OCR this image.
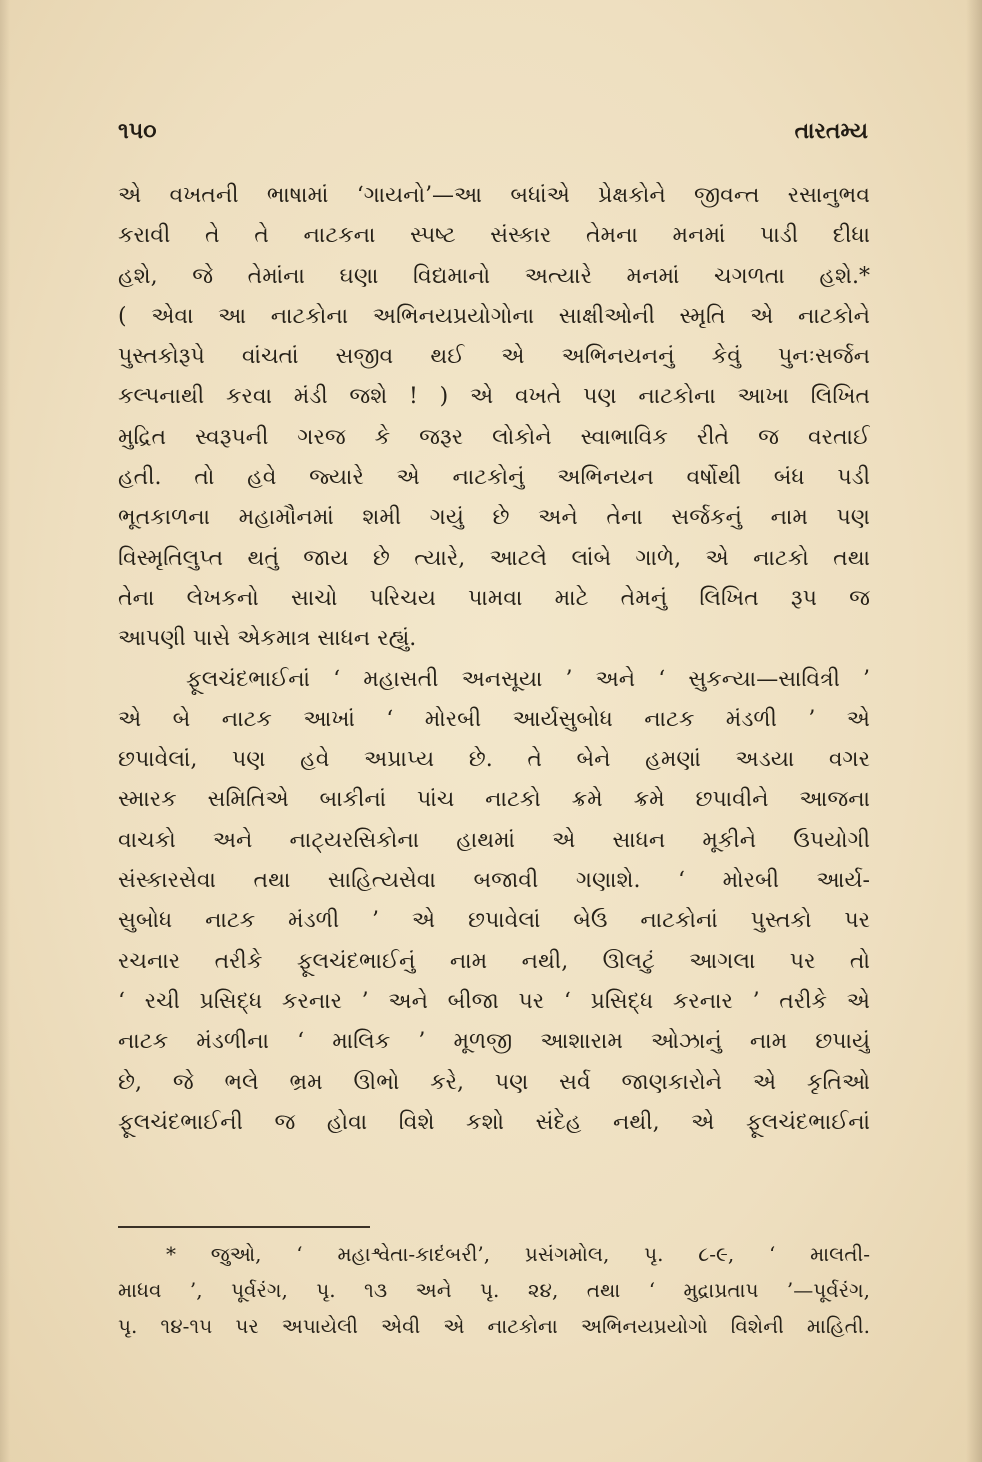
૧૫૦	તારતમ્ય
એ વખતની ભાષામાં ‘ગાયનો’—આ બધાંએ પ્રેક્ષકોને જીવન્ત રસાનુભવ
કરાવી તે તે નાટકના સ્પષ્ટ સંસ્કાર તેમના મનમાં પાડી દીધા
હશે, જે તેમાંના ઘણા વિદ્યમાનો અત્યારે મનમાં ચગળતા હશે.*
( એવા આ નાટકોના અભિનયપ્રયોગોના સાક્ષીઓની સ્મૃતિ એ નાટકોને
પુસ્તકોરૂપે વાંચતાં સજીવ થઈ એ અભિનયનનું કેવું પુનઃસર્જન
કલ્પનાથી કરવા મંડી જશે ! ) એ વખતે પણ નાટકોના આખા લિખિત
મુદ્રિત સ્વરૂપની ગરજ કે જરૂર લોકોને સ્વાભાવિક રીતે જ વરતાઈ
હતી. તો હવે જ્યારે એ નાટકોનું અભિનયન વર્ષોથી બંધ પડી
ભૂતકાળના મહામૌનમાં શમી ગયું છે અને તેના સર્જકનું નામ પણ
વિસ્મૃતિલુપ્ત થતું જાય છે ત્યારે, આટલે લાંબે ગાળે, એ નાટકો તથા
તેના લેખકનો સાચો પરિચય પામવા માટે તેમનું લિખિત રૂપ જ
આપણી પાસે એકમાત્ર સાધન રહ્યું.
ફૂલચંદભાઈનાં ‘ મહાસતી અનસૂયા ’ અને ‘ સુકન્યા—સાવિત્રી ’
એ બે નાટક આખાં ‘ મોરબી આર્યસુબોધ નાટક મંડળી ’ એ
છપાવેલાં, પણ હવે અપ્રાપ્ય છે. તે બેને હમણાં અડયા વગર
સ્મારક સમિતિએ બાકીનાં પાંચ નાટકો ક્રમે ક્રમે છપાવીને આજના
વાચકો અને નાટ્યરસિકોના હાથમાં એ સાધન મૂકીને ઉપયોગી
સંસ્કારસેવા તથા સાહિત્યસેવા બજાવી ગણાશે. ‘ મોરબી આર્ય-
સુબોધ નાટક મંડળી ’ એ છપાવેલાં બેઉ નાટકોનાં પુસ્તકો પર
રચનાર તરીકે ફૂલચંદભાઈનું નામ નથી, ઊલટું આગલા પર તો
‘ રચી પ્રસિદ્ધ કરનાર ’ અને બીજા પર ‘ પ્રસિદ્ધ કરનાર ’ તરીકે એ
નાટક મંડળીના ‘ માલિક ’ મૂળજી આશારામ ઓઝાનું નામ છપાયું
છે, જે ભલે ભ્રમ ઊભો કરે, પણ સર્વ જાણકારોને એ કૃતિઓ
ફૂલચંદભાઈની જ હોવા વિશે કશો સંદેહ નથી, એ ફૂલચંદભાઈનાં
* જુઓ, ‘ મહાશ્વેતા-કાદંબરી’, પ્રસંગમોલ, પૃ. ૮-૯, ‘ માલતી-
માધવ ’, પૂર્વરંગ, પૃ. ૧૩ અને પૃ. ૨૪, તથા ‘ મુદ્રાપ્રતાપ ’—પૂર્વરંગ,
પૃ. ૧૪-૧૫ પર અપાયેલી એવી એ નાટકોના અભિનયપ્રયોગો વિશેની માહિતી.
